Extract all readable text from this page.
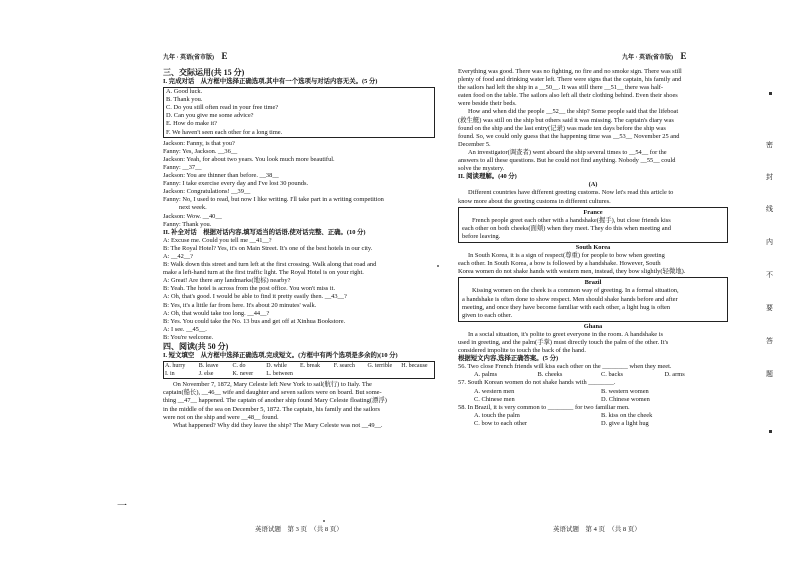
九年 · 英语(省市版) E

三、交际运用(共 15 分)

I. 完成对话　从方框中选择正确选项,其中有一个选项与对话内容无关。(5 分)

A. Good luck.

B. Thank you.

C. Do you still often read in your free time?

D. Can you give me some advice?

E. How do make it?

F. We haven't seen each other for a long time.

Jackson: Fanny, is that you?

Fanny: Yes, Jackson. __36__

Jackson: Yeah, for about two years. You look much more beautiful.

Fanny: __37__

Jackson: You are thinner than before. __38__

Fanny: I take exercise every day and I've lost 30 pounds.

Jackson: Congratulations! __39__

Fanny: No, I used to read, but now I like writing. I'll take part in a writing competition

next week.

Jackson: Wow. __40__

Fanny: Thank you.

II. 补全对话　根据对话内容,填写适当的话语,使对话完整、正确。(10 分)

A: Excuse me. Could you tell me __41__?

B: The Royal Hotel? Yes, it's on Main Street. It's one of the best hotels in our city.

A: __42__?

B: Walk down this street and turn left at the first crossing. Walk along that road and

make a left-hand turn at the first traffic light. The Royal Hotel is on your right.

A: Great! Are there any landmarks(地标) nearby?

B: Yeah. The hotel is across from the post office. You won't miss it.

A: Oh, that's good. I would be able to find it pretty easily then. __43__?

B: Yes, it's a little far from here. It's about 20 minutes' walk.

A: Oh, that would take too long. __44__?

B: Yes. You could take the No. 13 bus and get off at Xinhua Bookstore.

A: I see. __45__.

B: You're welcome.

四、阅读(共 50 分)

I. 短文填空　从方框中选择正确选项,完成短文。(方框中有两个选项是多余的)(10 分)

A. hurry	B. leave	C. do	D. while	E. break	F. search	G. terrible	H. because
I. in	J. else	K. never	L. between

On November 7, 1872, Mary Celeste left New York to sail(航行) to Italy. The

captain(船长), __46__ wife and daughter and seven sailors were on board. But some-

thing __47__ happened. The captain of another ship found Mary Celeste floating(漂浮)

in the middle of the sea on December 5, 1872. The captain, his family and the sailors

were not on the ship and were __48__ found.

What happened? Why did they leave the ship? The Mary Celeste was not __49__.

英语试题　第 3 页　（共 8 页）
九年 · 英语(省市版) E

Everything was good. There was no fighting, no fire and no smoke sign. There was still

plenty of food and drinking water left. There were signs that the captain, his family and

the sailors had left the ship in a __50__. It was still there __51__ there was half-

eaten food on the table. The sailors also left all their clothing behind. Even their shoes

were beside their beds.

How and when did the people __52__ the ship? Some people said that the lifeboat

(救生艇) was still on the ship but others said it was missing. The captain's diary was

found on the ship and the last entry(记录) was made ten days before the ship was

found. So, we could only guess that the happening time was __53__ November 25 and

December 5.

An investigator(调查者) went aboard the ship several times to __54__ for the

answers to all these questions. But he could not find anything. Nobody __55__ could

solve the mystery.

II. 阅读理解。(40 分)

(A)

Different countries have different greeting customs. Now let's read this article to

know more about the greeting customs in different cultures.

France

French people greet each other with a handshake(握手), but close friends kiss

each other on both cheeks(面颊) when they meet. They do this when meeting and

before leaving.

South Korea

In South Korea, it is a sign of respect(尊重) for people to bow when greeting

each other. In South Korea, a bow is followed by a handshake. However, South

Korea women do not shake hands with western men, instead, they bow slightly(轻微地).

Brazil

Kissing women on the cheek is a common way of greeting. In a formal situation,

a handshake is often done to show respect. Men should shake hands before and after

meeting, and once they have become familiar with each other, a light hug is often

given to each other.

Ghana

In a social situation, it's polite to greet everyone in the room. A handshake is

used in greeting, and the palm(手掌) must directly touch the palm of the other. It's

considered impolite to touch the back of the hand.

根据短文内容,选择正确答案。(5 分)

56. Two close French friends will kiss each other on the ________ when they meet.

A. palms	B. cheeks	C. backs	D. arms

57. South Korean women do not shake hands with ________.

A. western men	B. western women
C. Chinese men	D. Chinese women

58. In Brazil, it is very common to ________ for two familiar men.

A. touch the palm	B. kiss on the cheek
C. bow to each other	D. give a light hug
英语试题　第 4 页　（共 8 页）
密
封
线
内
不
要
答
题
一
